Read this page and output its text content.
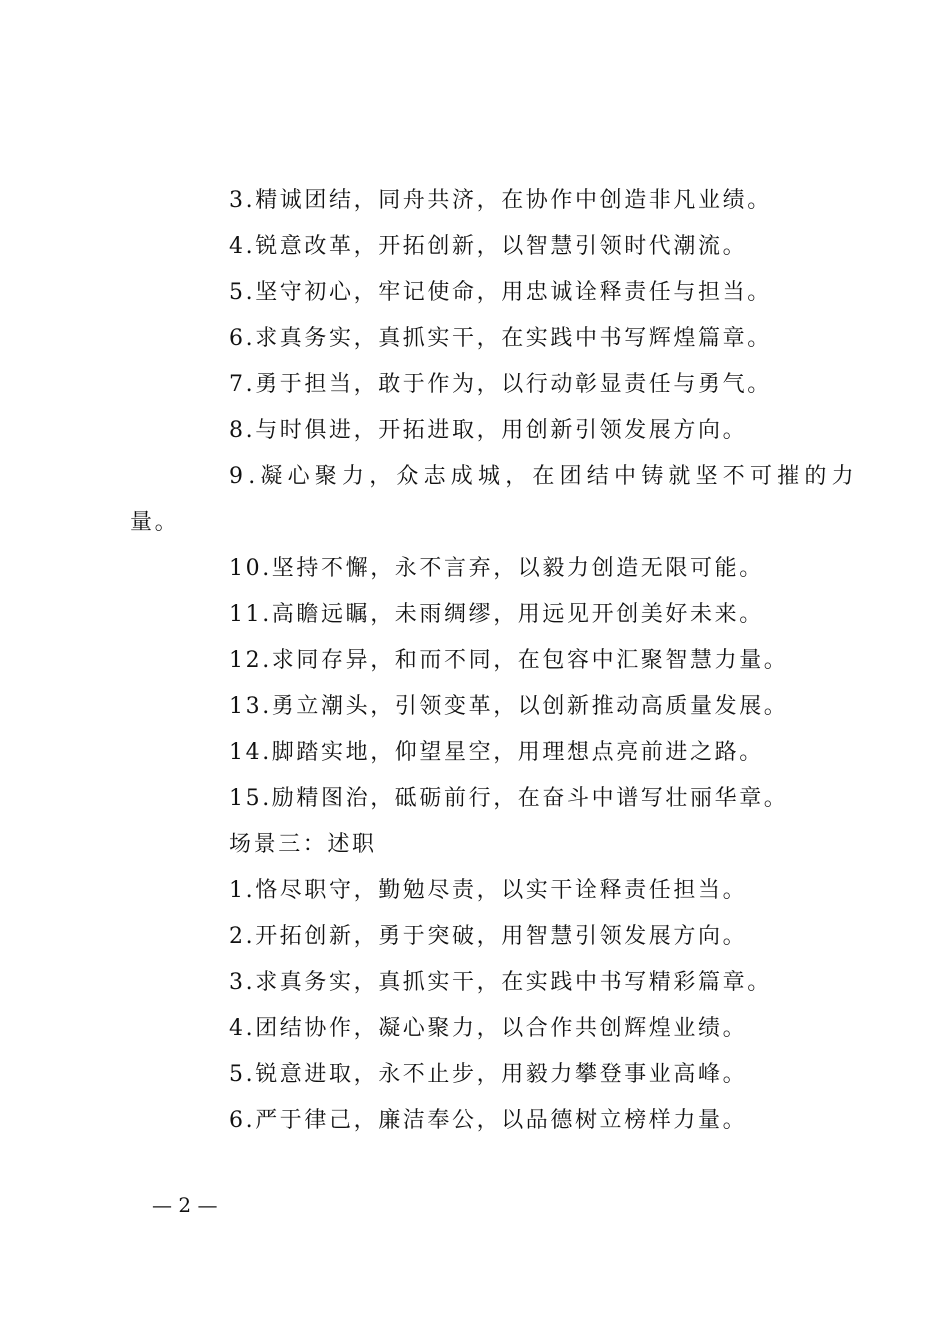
3.精诚团结，同舟共济，在协作中创造非凡业绩。
4.锐意改革，开拓创新，以智慧引领时代潮流。
5.坚守初心，牢记使命，用忠诚诠释责任与担当。
6.求真务实，真抓实干，在实践中书写辉煌篇章。
7.勇于担当，敢于作为，以行动彰显责任与勇气。
8.与时俱进，开拓进取，用创新引领发展方向。
9.凝心聚力，众志成城，在团结中铸就坚不可摧的力
量。
10.坚持不懈，永不言弃，以毅力创造无限可能。
11.高瞻远瞩，未雨绸缪，用远见开创美好未来。
12.求同存异，和而不同，在包容中汇聚智慧力量。
13.勇立潮头，引领变革，以创新推动高质量发展。
14.脚踏实地，仰望星空，用理想点亮前进之路。
15.励精图治，砥砺前行，在奋斗中谱写壮丽华章。
场景三：述职
1.恪尽职守，勤勉尽责，以实干诠释责任担当。
2.开拓创新，勇于突破，用智慧引领发展方向。
3.求真务实，真抓实干，在实践中书写精彩篇章。
4.团结协作，凝心聚力，以合作共创辉煌业绩。
5.锐意进取，永不止步，用毅力攀登事业高峰。
6.严于律己，廉洁奉公，以品德树立榜样力量。
— 2 —
